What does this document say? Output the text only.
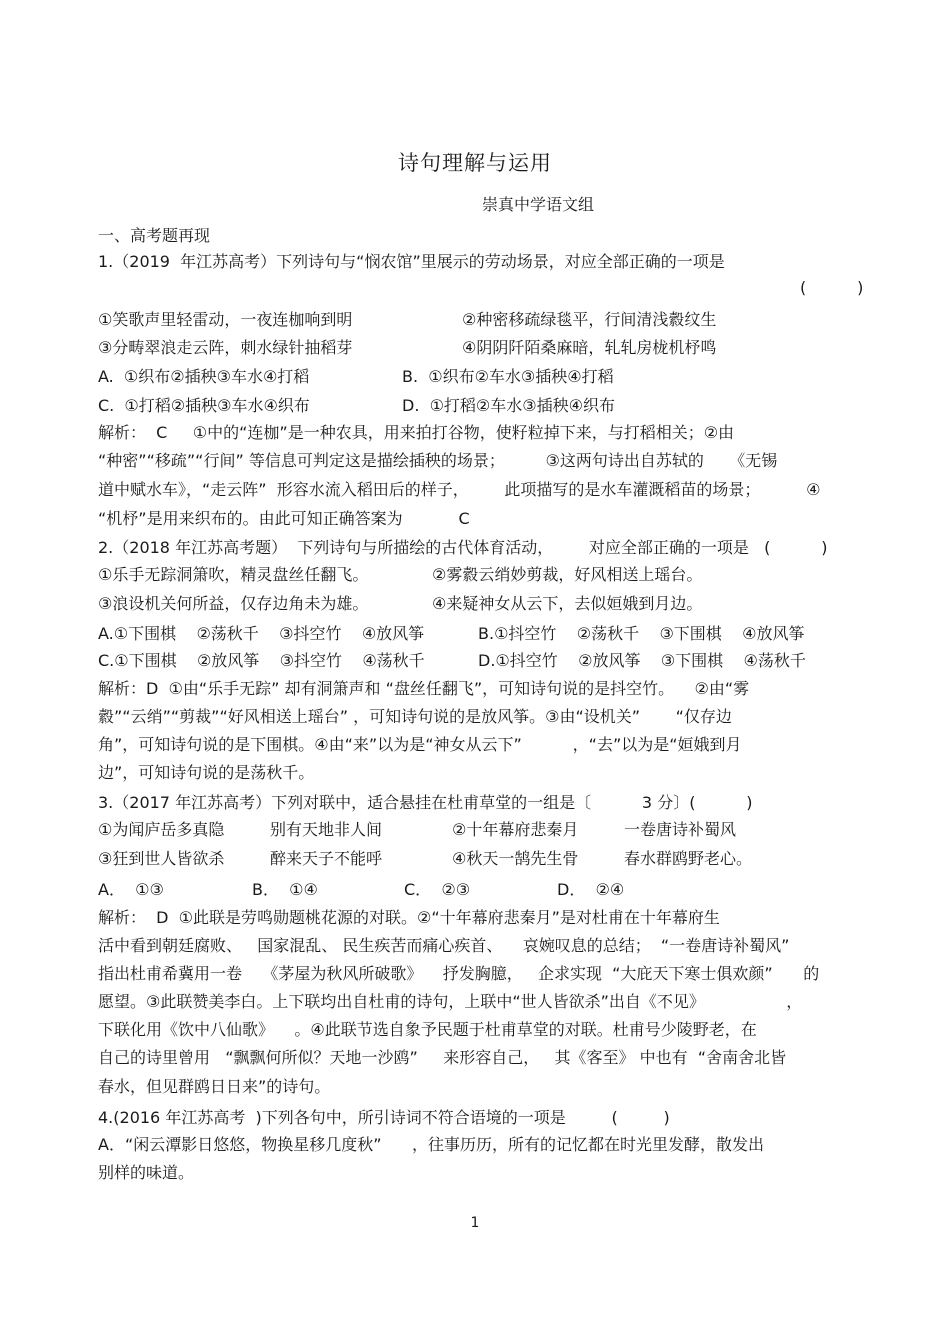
诗句理解与运用
崇真中学语文组
一、高考题再现
1.（2019  年江苏高考）下列诗句与“悯农馆”里展示的劳动场景，对应全部正确的一项是
(          )
①笑歌声里轻雷动，一夜连枷响到明	②种密移疏绿毯平，行间清浅縠纹生
③分畴翠浪走云阵，刺水绿针抽稻芽	④阴阴阡陌桑麻暗，轧轧房栊机杼鸣
A.  ①织布②插秧③车水④打稻	B.  ①织布②车水③插秧④打稻
C.  ①打稻②插秧③车水④织布	D.  ①打稻②车水③插秧④织布
解析：  C     ①中的“连枷”是一种农具，用来拍打谷物，使籽粒掉下来，与打稻相关；②由
“种密”“移疏”“行间” 等信息可判定这是描绘插秧的场景；        ③这两句诗出自苏轼的     《无锡
道中赋水车》，“走云阵”  形容水流入稻田后的样子，       此项描写的是水车灌溉稻苗的场景；         ④
“机杼”是用来织布的。由此可知正确答案为           C
2.（2018 年江苏高考题）  下列诗句与所描绘的古代体育活动，       对应全部正确的一项是   (          )
①乐手无踪洞箫吹，精灵盘丝任翻飞。	②雾縠云绡妙剪裁，好风相送上瑶台。
③浪设机关何所益，仅存边角未为雄。	④来疑神女从云下，去似姮娥到月边。
A.①下围棋    ②荡秋千    ③抖空竹    ④放风筝	B.①抖空竹    ②荡秋千    ③下围棋    ④放风筝
C.①下围棋    ②放风筝    ③抖空竹    ④荡秋千	D.①抖空竹    ②放风筝    ③下围棋    ④荡秋千
解析：D  ①由“乐手无踪” 却有洞箫声和 “盘丝任翻飞”，可知诗句说的是抖空竹。    ②由“雾
縠”“云绡”“剪裁”“好风相送上瑶台” ，可知诗句说的是放风筝。③由“设机关”       “仅存边
角”，可知诗句说的是下围棋。④由“来”以为是“神女从云下”          ，“去”以为是“姮娥到月
边”，可知诗句说的是荡秋千。
3.（2017 年江苏高考）下列对联中，适合悬挂在杜甫草堂的一组是〔          3 分〕(          )
①为闻庐岳多真隐	别有天地非人间	②十年幕府悲秦月	一卷唐诗补蜀风
③狂到世人皆欲杀	醉来天子不能呼	④秋天一鹄先生骨	春水群鸥野老心。
A．  ①③	B．  ①④	C．  ②③	D．  ②④
解析：  D  ①此联是劳鸣勋题桃花源的对联。②“十年幕府悲秦月”是对杜甫在十年幕府生
活中看到朝廷腐败、   国家混乱、 民生疾苦而痛心疾首、    哀婉叹息的总结；  “一卷唐诗补蜀风”
指出杜甫希冀用一卷    《茅屋为秋风所破歌》    抒发胸臆，   企求实现  “大庇天下寒士俱欢颜”      的
愿望。③此联赞美李白。上下联均出自杜甫的诗句，上联中“世人皆欲杀”出自《不见》                ，
下联化用《饮中八仙歌》    。④此联节选自象予民题于杜甫草堂的对联。杜甫号少陵野老，在
自己的诗里曾用   “飘飘何所似？天地一沙鸥”     来形容自己，   其《客至》 中也有  “舍南舍北皆
春水，但见群鸥日日来”的诗句。
4.(2016 年江苏高考  )下列各句中，所引诗词不符合语境的一项是         (         )
A．“闲云潭影日悠悠，物换星移几度秋”      ，往事历历，所有的记忆都在时光里发酵，散发出
别样的味道。
1
